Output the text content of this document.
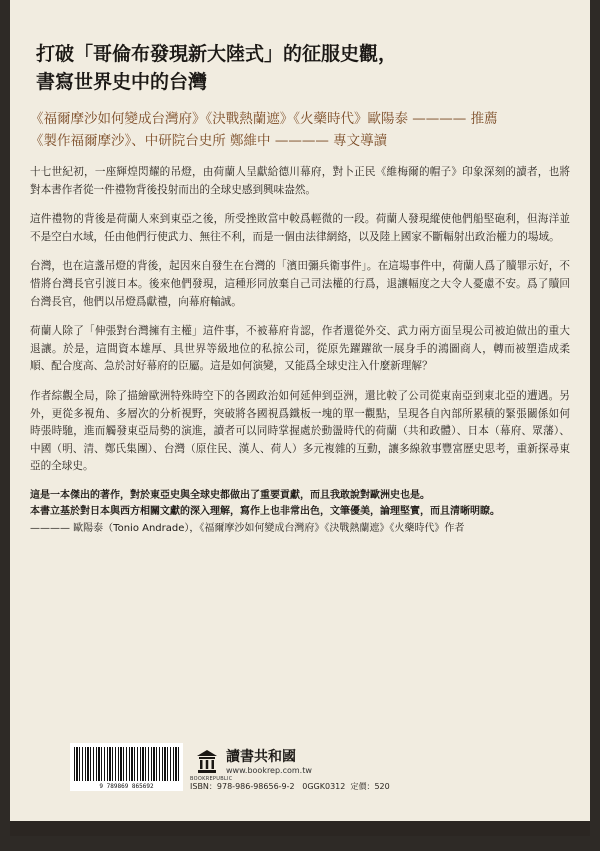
打破「哥倫布發現新大陸式」的征服史觀，
書寫世界史中的台灣
《福爾摩沙如何變成台灣府》《決戰熱蘭遮》《火藥時代》歐陽泰 ———— 推薦
《製作福爾摩沙》、中研院台史所 鄭維中 ———— 專文導讀

十七世紀初，一座輝煌閃耀的吊燈，由荷蘭人呈獻給德川幕府，對卜正民《維梅爾的帽子》印象深刻的讀者，也將對本書作者從一件禮物背後投射而出的全球史感到興味盎然。

這件禮物的背後是荷蘭人來到東亞之後，所受挫敗當中較爲輕微的一段。荷蘭人發現縱使他們船堅砲利，但海洋並不是空白水域，任由他們行使武力、無往不利，而是一個由法律網絡，以及陸上國家不斷輻射出政治權力的場域。

台灣，也在這盞吊燈的背後，起因來自發生在台灣的「濱田彌兵衛事件」。在這場事件中，荷蘭人爲了贖罪示好，不惜將台灣長官引渡日本。後來他們發現，這種形同放棄自己司法權的行爲，退讓幅度之大令人憂慮不安。爲了贖回台灣長官，他們以吊燈爲獻禮，向幕府輸誠。

荷蘭人除了「伸張對台灣擁有主權」這件事，不被幕府肯認，作者還從外交、武力兩方面呈現公司被迫做出的重大退讓。於是，這間資本雄厚、具世界等級地位的私掠公司，從原先躍躍欲一展身手的鴻圖商人，轉而被塑造成柔順、配合度高、急於討好幕府的臣屬。這是如何演變，又能爲全球史注入什麼新理解？

作者綜觀全局，除了描繪歐洲特殊時空下的各國政治如何延伸到亞洲，還比較了公司從東南亞到東北亞的遭遇。另外，更從多視角、多層次的分析視野，突破將各國視爲鐵板一塊的單一觀點，呈現各自內部所累積的緊張關係如何時張時馳，進而觸發東亞局勢的演進，讀者可以同時掌握處於動盪時代的荷蘭（共和政體）、日本（幕府、眾藩）、中國（明、清、鄭氏集團）、台灣（原住民、漢人、荷人）多元複雜的互動，讓多線敘事豐富歷史思考，重新探尋東亞的全球史。

這是一本傑出的著作，對於東亞史與全球史都做出了重要貢獻，而且我敢說對歐洲史也是。
本書立基於對日本與西方相關文獻的深入理解，寫作上也非常出色，文筆優美，論理堅實，而且清晰明瞭。
———— 歐陽泰（Tonio Andrade），《福爾摩沙如何變成台灣府》《決戰熱蘭遮》《火藥時代》作者
9 789869 865692
BOOKREPUBLIC
讀書共和國
www.bookrep.com.tw
ISBN：978-986-98656-9-2 0GGK0312 定價：520
